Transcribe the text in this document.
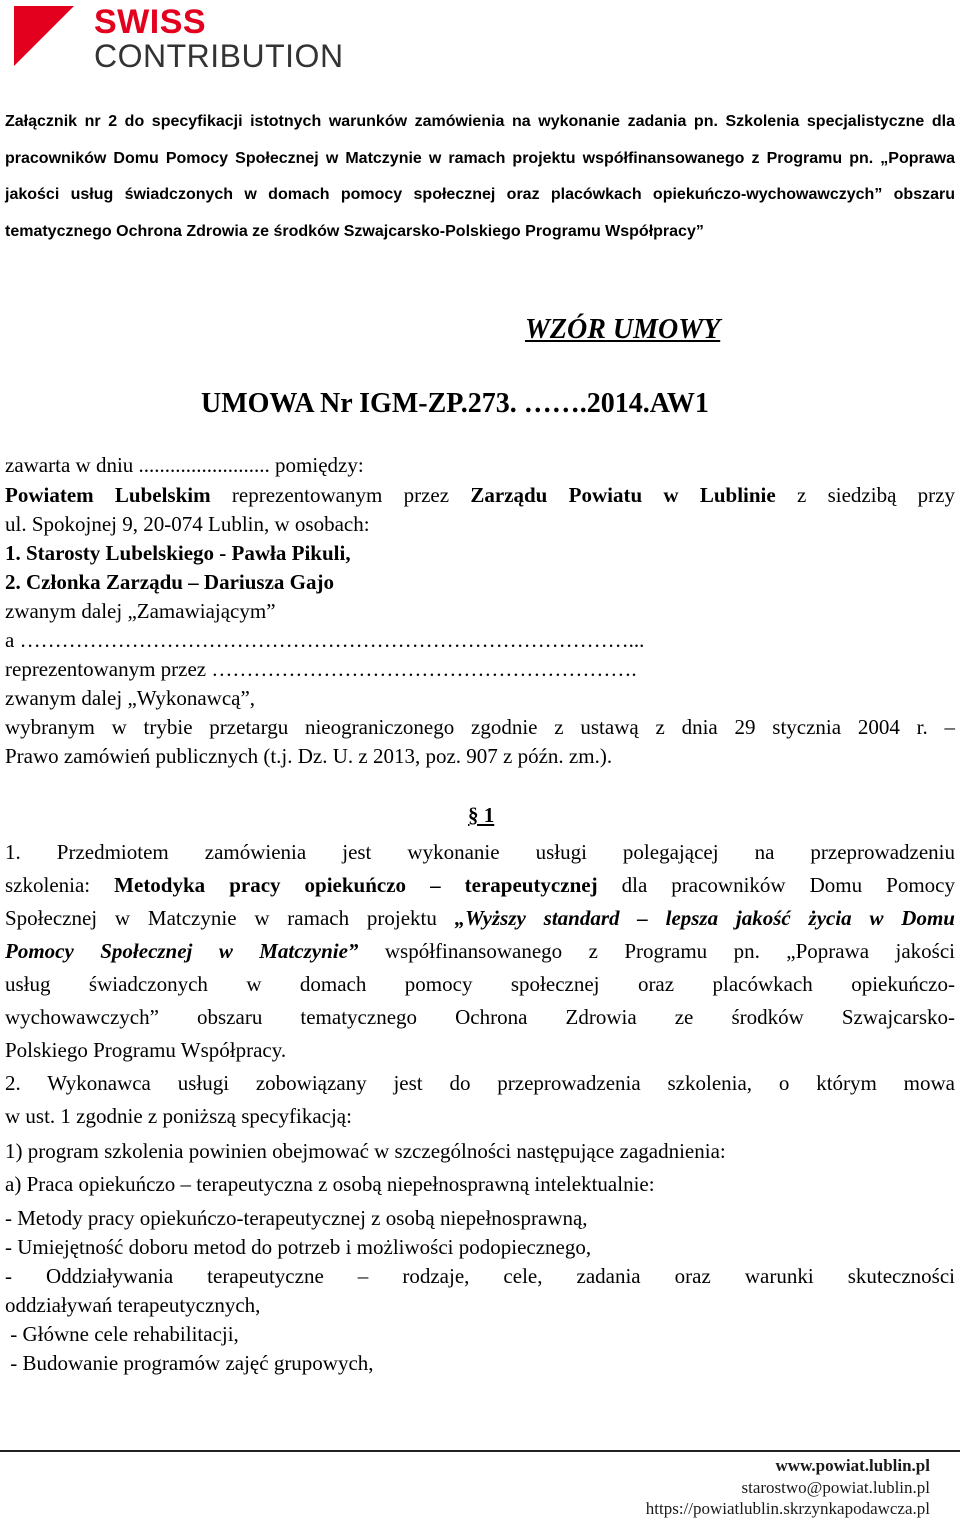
SWISS
CONTRIBUTION

Załącznik nr 2 do specyfikacji istotnych warunków zamówienia na wykonanie zadania pn. Szkolenia specjalistyczne dla pracowników Domu Pomocy Społecznej w Matczynie w ramach projektu współfinansowanego z Programu pn. „Poprawa jakości usług świadczonych w domach pomocy społecznej oraz placówkach opiekuńczo-wychowawczych” obszaru tematycznego Ochrona Zdrowia ze środków Szwajcarsko-Polskiego Programu Współpracy”

WZÓR UMOWY

UMOWA Nr IGM-ZP.273. …….2014.AW1

zawarta w dniu ......................... pomiędzy:

Powiatem Lubelskim reprezentowanym przez Zarządu Powiatu w Lublinie z siedzibą przy

ul. Spokojnej 9, 20-074 Lublin, w osobach:

1. Starosty Lubelskiego - Pawła Pikuli,

2. Członka Zarządu – Dariusza Gajo

zwanym dalej „Zamawiającym”

a ……………………………………………………………………………...

reprezentowanym przez …………………………………………………….

zwanym dalej „Wykonawcą”,

wybranym w trybie przetargu nieograniczonego zgodnie z ustawą z dnia 29 stycznia 2004 r. –

Prawo zamówień publicznych (t.j. Dz. U. z 2013, poz. 907 z późn. zm.).

§ 1

1. Przedmiotem zamówienia jest wykonanie usługi polegającej na przeprowadzeniu

szkolenia: Metodyka pracy opiekuńczo – terapeutycznej dla pracowników Domu Pomocy

Społecznej w Matczynie w ramach projektu „Wyższy standard – lepsza jakość życia w Domu

Pomocy Społecznej w Matczynie” współfinansowanego z Programu pn. „Poprawa jakości

usług świadczonych w domach pomocy społecznej oraz placówkach opiekuńczo-

wychowawczych” obszaru tematycznego Ochrona Zdrowia ze środków Szwajcarsko-

Polskiego Programu Współpracy.

2. Wykonawca usługi zobowiązany jest do przeprowadzenia szkolenia, o którym mowa

w ust. 1 zgodnie z poniższą specyfikacją:

1) program szkolenia powinien obejmować w szczególności następujące zagadnienia:

a) Praca opiekuńczo – terapeutyczna z osobą niepełnosprawną intelektualnie:

- Metody pracy opiekuńczo-terapeutycznej z osobą niepełnosprawną,

- Umiejętność doboru metod do potrzeb i możliwości podopiecznego,

- Oddziaływania terapeutyczne – rodzaje, cele, zadania oraz warunki skuteczności

oddziaływań terapeutycznych,

- Główne cele rehabilitacji,

- Budowanie programów zajęć grupowych,

www.powiat.lublin.pl

starostwo@powiat.lublin.pl

https://powiatlublin.skrzynkapodawcza.pl
